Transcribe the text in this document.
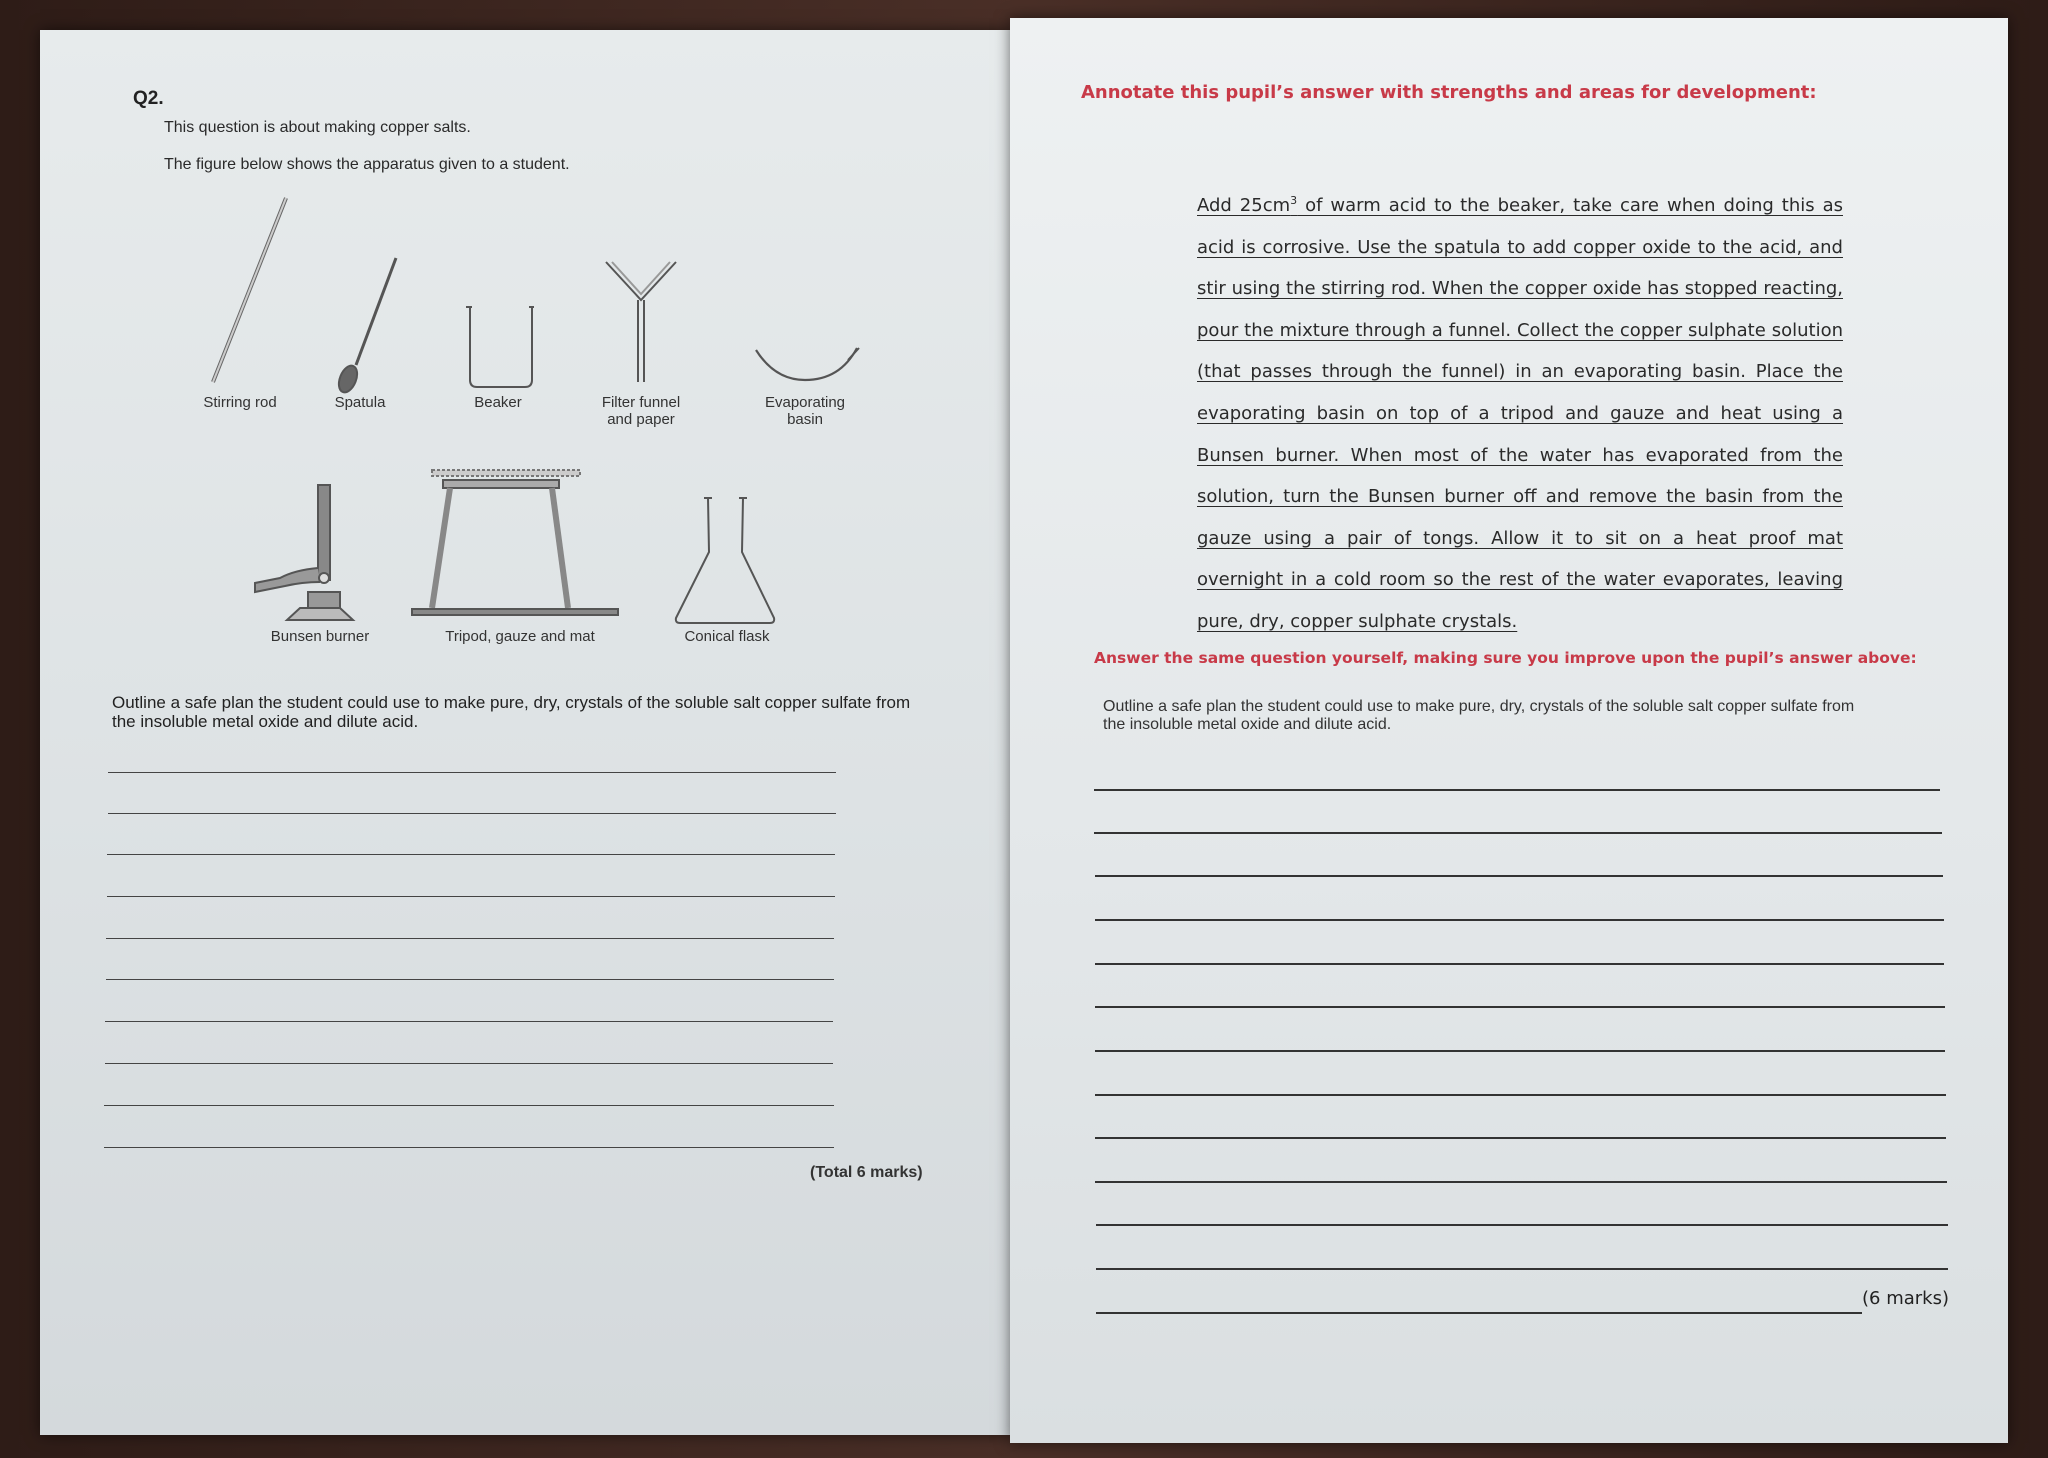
Q2.
This question is about making copper salts.
The figure below shows the apparatus given to a student.
Stirring rod	Spatula	Beaker	Filter funnel
and paper
Evaporating
basin
Bunsen burner	Tripod, gauze and mat	Conical flask
Outline a safe plan the student could use to make pure, dry, crystals of the soluble salt copper sulfate from the insoluble metal oxide and dilute acid.
(Total 6 marks)
Annotate this pupil’s answer with strengths and areas for development:
Add $25cm^3$ of warm acid to the beaker, take care when doing this as acid is corrosive. Use the spatula to add copper oxide to the acid, and stir using the stirring rod. When the copper oxide has stopped reacting, pour the mixture through a funnel. Collect the copper sulphate solution (that passes through the funnel) in an evaporating basin. Place the evaporating basin on top of a tripod and gauze and heat using a Bunsen burner. When most of the water has evaporated from the solution, turn the Bunsen burner off and remove the basin from the gauze using a pair of tongs. Allow it to sit on a heat proof mat overnight in a cold room so the rest of the water evaporates, leaving pure, dry, copper sulphate crystals.
Answer the same question yourself, making sure you improve upon the pupil’s answer above:
Outline a safe plan the student could use to make pure, dry, crystals of the soluble salt copper sulfate from the insoluble metal oxide and dilute acid.
(6 marks)
